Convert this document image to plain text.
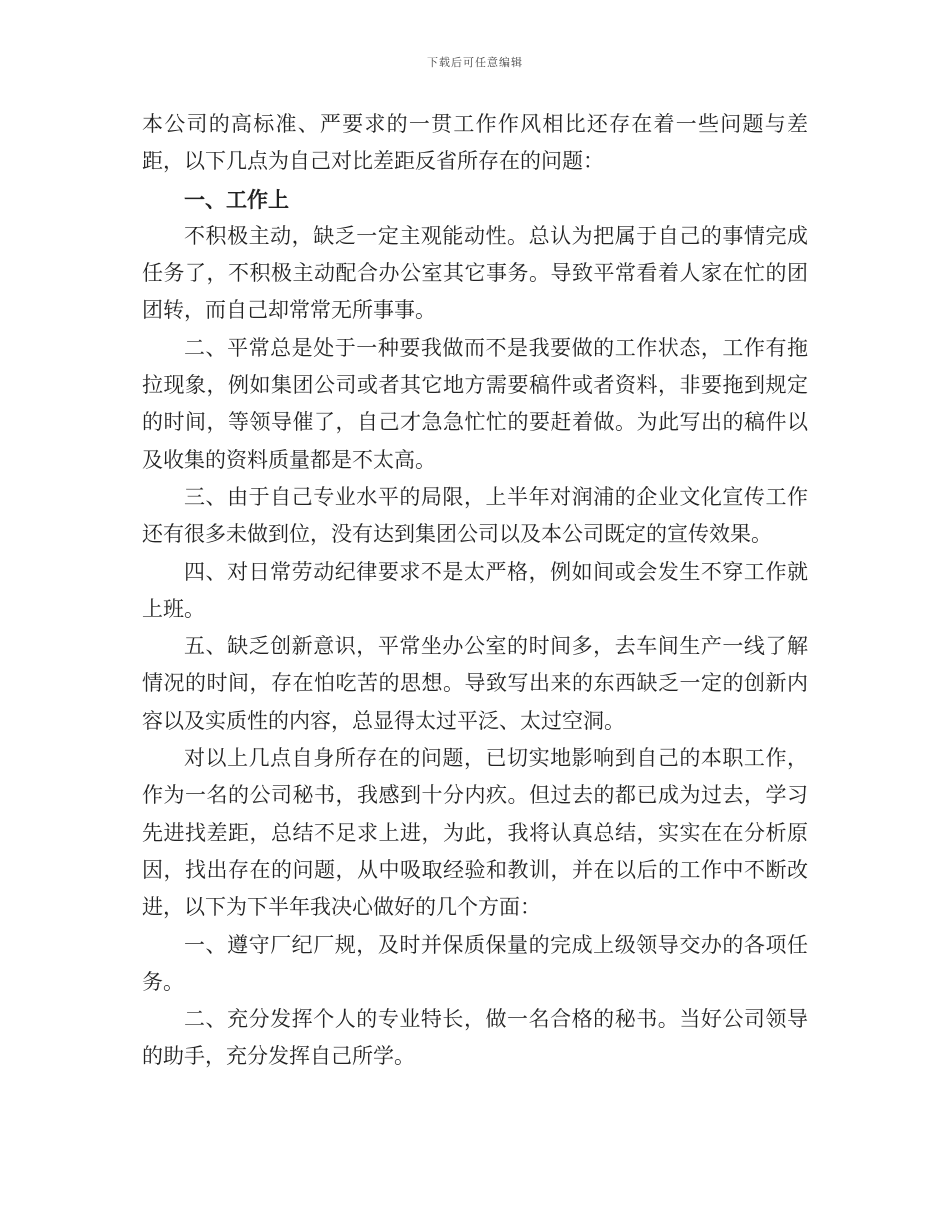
下载后可任意编辑

本公司的高标准、严要求的一贯工作作风相比还存在着一些问题与差距，以下几点为自己对比差距反省所存在的问题：

一、工作上

不积极主动，缺乏一定主观能动性。总认为把属于自己的事情完成任务了，不积极主动配合办公室其它事务。导致平常看着人家在忙的团团转，而自己却常常无所事事。

二、平常总是处于一种要我做而不是我要做的工作状态，工作有拖拉现象，例如集团公司或者其它地方需要稿件或者资料，非要拖到规定的时间，等领导催了，自己才急急忙忙的要赶着做。为此写出的稿件以及收集的资料质量都是不太高。

三、由于自己专业水平的局限，上半年对润浦的企业文化宣传工作还有很多未做到位，没有达到集团公司以及本公司既定的宣传效果。

四、对日常劳动纪律要求不是太严格，例如间或会发生不穿工作就上班。

五、缺乏创新意识，平常坐办公室的时间多，去车间生产一线了解情况的时间，存在怕吃苦的思想。导致写出来的东西缺乏一定的创新内容以及实质性的内容，总显得太过平泛、太过空洞。

对以上几点自身所存在的问题，已切实地影响到自己的本职工作，作为一名的公司秘书，我感到十分内疚。但过去的都已成为过去，学习先进找差距，总结不足求上进，为此，我将认真总结，实实在在分析原因，找出存在的问题，从中吸取经验和教训，并在以后的工作中不断改进，以下为下半年我决心做好的几个方面：

一、遵守厂纪厂规，及时并保质保量的完成上级领导交办的各项任务。

二、充分发挥个人的专业特长，做一名合格的秘书。当好公司领导的助手，充分发挥自己所学。
